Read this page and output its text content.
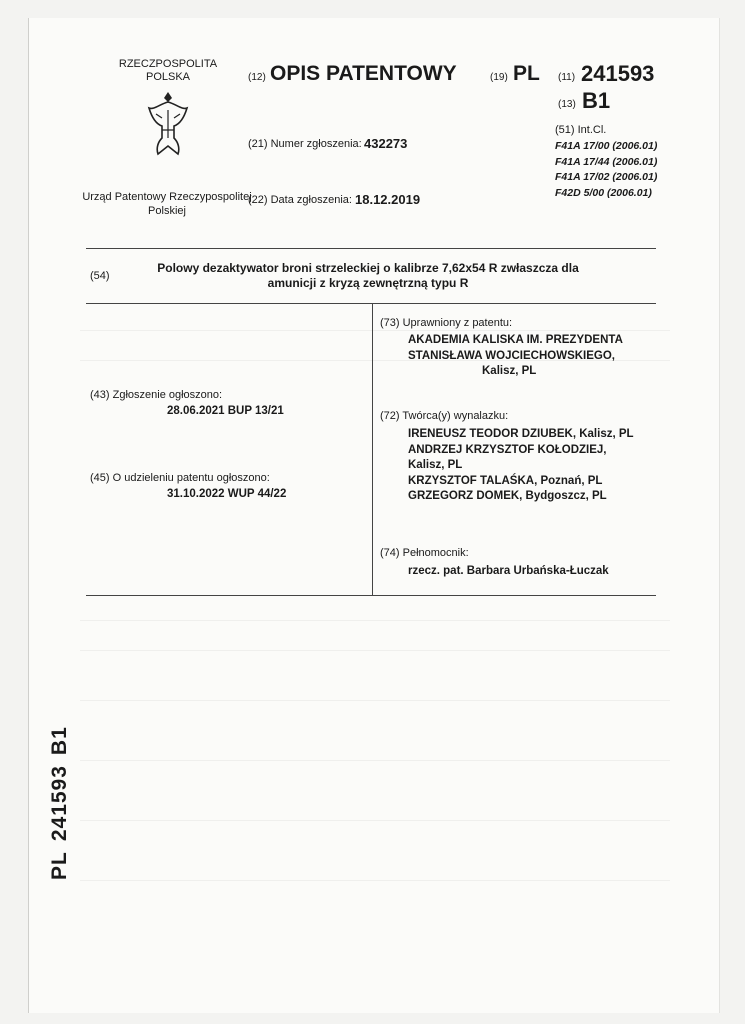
RZECZPOSPOLITA POLSKA
Urząd Patentowy Rzeczypospolitej Polskiej
(12) OPIS PATENTOWY	(19) PL (11) 241593
(13) B1
(21) Numer zgłoszenia: 432273
(22) Data zgłoszenia: 18.12.2019
(51) Int.Cl.
F41A 17/00 (2006.01)
F41A 17/44 (2006.01)
F41A 17/02 (2006.01)
F42D 5/00 (2006.01)
(54)
Polowy dezaktywator broni strzeleckiej o kalibrze 7,62x54 R zwłaszcza dla amunicji z kryzą zewnętrzną typu R
(43) Zgłoszenie ogłoszono:
28.06.2021 BUP 13/21
(45) O udzieleniu patentu ogłoszono:
31.10.2022 WUP 44/22
(73) Uprawniony z patentu:
AKADEMIA KALISKA IM. PREZYDENTA
STANISŁAWA WOJCIECHOWSKIEGO,
Kalisz, PL
(72) Twórca(y) wynalazku:
IRENEUSZ TEODOR DZIUBEK, Kalisz, PL
ANDRZEJ KRZYSZTOF KOŁODZIEJ,
Kalisz, PL
KRZYSZTOF TALAŚKA, Poznań, PL
GRZEGORZ DOMEK, Bydgoszcz, PL
(74) Pełnomocnik:
rzecz. pat. Barbara Urbańska-Łuczak
PL241593B1
